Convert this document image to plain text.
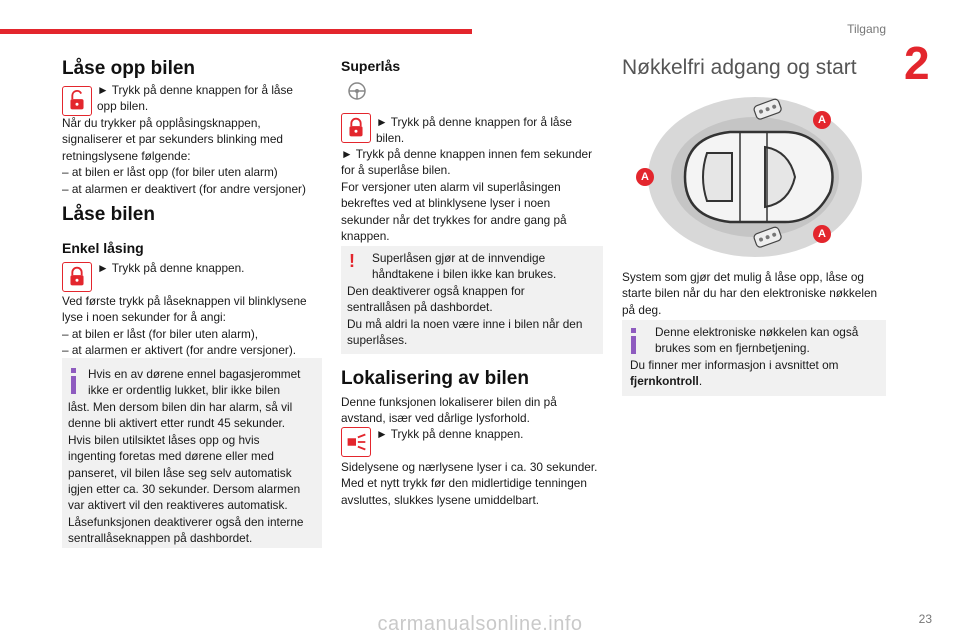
Tilgang
2
Låse opp bilen
► Trykk på denne knappen for å låse opp bilen.

Når du trykker på opplåsingsknappen,

signaliserer et par sekunders blinking med

retningslysene følgende:

– at bilen er låst opp (for biler uten alarm)

– at alarmen er deaktivert (for andre versjoner)

Låse bilen
Enkel låsing
► Trykk på denne knappen.

Ved første trykk på låseknappen vil blinklysene

lyse i noen sekunder for å angi:

– at bilen er låst (for biler uten alarm),

– at alarmen er aktivert (for andre versjoner).

Hvis en av dørene ennel bagasjerommet

ikke er ordentlig lukket, blir ikke bilen

låst. Men dersom bilen din har alarm, så vil

denne bli aktivert etter rundt 45 sekunder.

Hvis bilen utilsiktet låses opp og hvis

ingenting foretas med dørene eller med

panseret, vil bilen låse seg selv automatisk

igjen etter ca. 30 sekunder. Dersom alarmen

var aktivert vil den reaktiveres automatisk.

Låsefunksjonen deaktiverer også den interne

sentrallåseknappen på dashbordet.

Superlås
► Trykk på denne knappen for å låse bilen.

► Trykk på denne knappen innen fem sekunder

for å superlåse bilen.

For versjoner uten alarm vil superlåsingen

bekreftes ved at blinklysene lyser i noen

sekunder når det trykkes for andre gang på

knappen.

! Superlåsen gjør at de innvendige

håndtakene i bilen ikke kan brukes.

Den deaktiverer også knappen for

sentrallåsen på dashbordet.

Du må aldri la noen være inne i bilen når den

superlåses.

Lokalisering av bilen

Denne funksjonen lokaliserer bilen din på

avstand, især ved dårlige lysforhold.

► Trykk på denne knappen.

Sidelysene og nærlysene lyser i ca. 30 sekunder.

Med et nytt trykk før den midlertidige tenningen

avsluttes, slukkes lysene umiddelbart.

Nøkkelfri adgang og start
A
A
A

System som gjør det mulig å låse opp, låse og

starte bilen når du har den elektroniske nøkkelen

på deg.

Denne elektroniske nøkkelen kan også

brukes som en fjernbetjening.

Du finner mer informasjon i avsnittet om

fjernkontroll.

23
carmanualsonline.info
